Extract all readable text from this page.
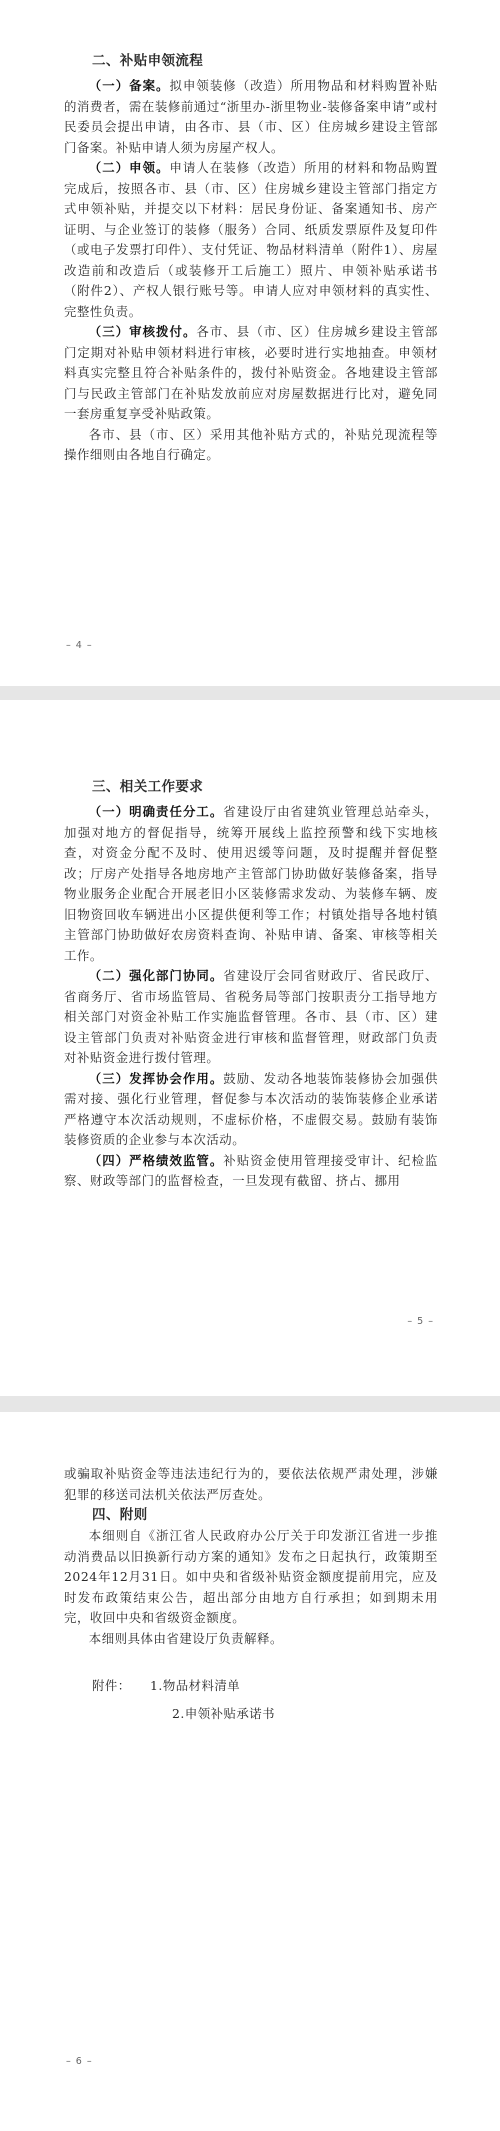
二、补贴申领流程

（一）备案。拟申领装修（改造）所用物品和材料购置补贴的消费者，需在装修前通过“浙里办-浙里物业-装修备案申请”或村民委员会提出申请，由各市、县（市、区）住房城乡建设主管部门备案。补贴申请人须为房屋产权人。

（二）申领。申请人在装修（改造）所用的材料和物品购置完成后，按照各市、县（市、区）住房城乡建设主管部门指定方式申领补贴，并提交以下材料：居民身份证、备案通知书、房产证明、与企业签订的装修（服务）合同、纸质发票原件及复印件（或电子发票打印件）、支付凭证、物品材料清单（附件1）、房屋改造前和改造后（或装修开工后施工）照片、申领补贴承诺书（附件2）、产权人银行账号等。申请人应对申领材料的真实性、完整性负责。

（三）审核拨付。各市、县（市、区）住房城乡建设主管部门定期对补贴申领材料进行审核，必要时进行实地抽查。申领材料真实完整且符合补贴条件的，拨付补贴资金。各地建设主管部门与民政主管部门在补贴发放前应对房屋数据进行比对，避免同一套房重复享受补贴政策。

各市、县（市、区）采用其他补贴方式的，补贴兑现流程等操作细则由各地自行确定。

– 4 –

三、相关工作要求

（一）明确责任分工。省建设厅由省建筑业管理总站牵头，加强对地方的督促指导，统筹开展线上监控预警和线下实地核查，对资金分配不及时、使用迟缓等问题，及时提醒并督促整改；厅房产处指导各地房地产主管部门协助做好装修备案，指导物业服务企业配合开展老旧小区装修需求发动、为装修车辆、废旧物资回收车辆进出小区提供便利等工作；村镇处指导各地村镇主管部门协助做好农房资料查询、补贴申请、备案、审核等相关工作。

（二）强化部门协同。省建设厅会同省财政厅、省民政厅、省商务厅、省市场监管局、省税务局等部门按职责分工指导地方相关部门对资金补贴工作实施监督管理。各市、县（市、区）建设主管部门负责对补贴资金进行审核和监督管理，财政部门负责对补贴资金进行拨付管理。

（三）发挥协会作用。鼓励、发动各地装饰装修协会加强供需对接、强化行业管理，督促参与本次活动的装饰装修企业承诺严格遵守本次活动规则，不虚标价格，不虚假交易。鼓励有装饰装修资质的企业参与本次活动。

（四）严格绩效监管。补贴资金使用管理接受审计、纪检监察、财政等部门的监督检查，一旦发现有截留、挤占、挪用

– 5 –

或骗取补贴资金等违法违纪行为的，要依法依规严肃处理，涉嫌犯罪的移送司法机关依法严厉查处。

四、附则

本细则自《浙江省人民政府办公厅关于印发浙江省进一步推动消费品以旧换新行动方案的通知》发布之日起执行，政策期至2024年12月31日。如中央和省级补贴资金额度提前用完，应及时发布政策结束公告，超出部分由地方自行承担；如到期未用完，收回中央和省级资金额度。

本细则具体由省建设厅负责解释。

附件：	1.物品材料清单
2.申领补贴承诺书
– 6 –
